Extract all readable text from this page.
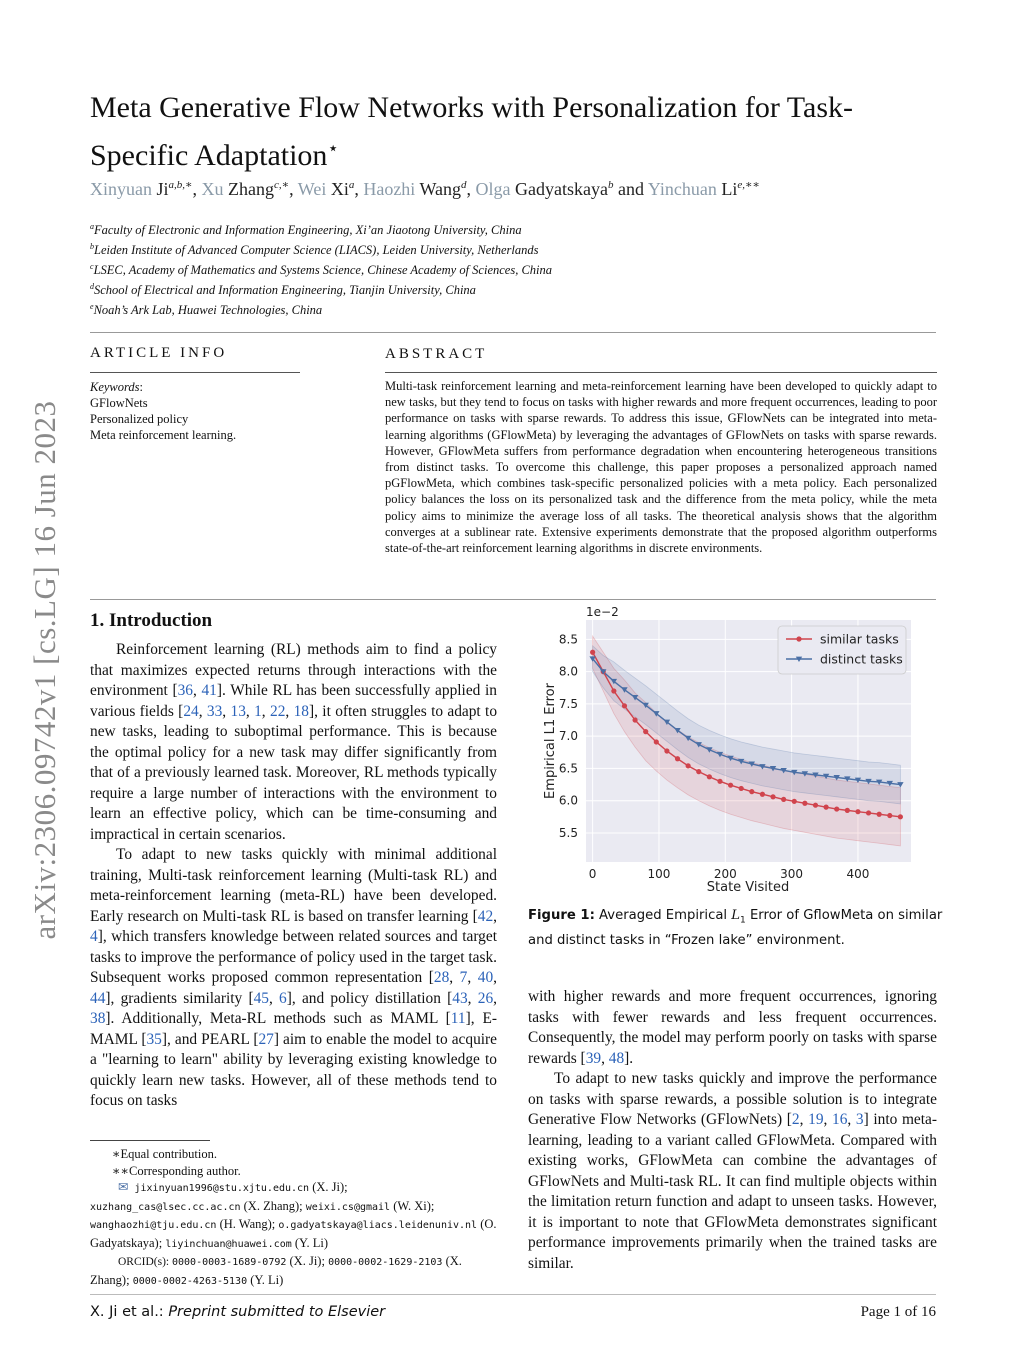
arXiv:2306.09742v1 [cs.LG] 16 Jun 2023
Meta Generative Flow Networks with Personalization for Task-Specific Adaptation⋆
Xinyuan $Ji^{a,b,∗}$, Xu Zhang$^{c,∗}$, Wei Xi$^a$, Haozhi Wang$^d$, Olga Gadyatskaya$^b$ and Yinchuan $Li^{e,∗∗}$
$^a$Faculty of Electronic and Information Engineering, Xi’an Jiaotong University, China
$^b$Leiden Institute of Advanced Computer Science (LIACS), Leiden University, Netherlands
$^c$LSEC, Academy of Mathematics and Systems Science, Chinese Academy of Sciences, China
$^d$School of Electrical and Information Engineering, Tianjin University, China
$^e$Noah’s Ark Lab, Huawei Technologies, China
ARTICLE INFO
Keywords:
GFlowNets
Personalized policy
Meta reinforcement learning.
ABSTRACT
Multi-task reinforcement learning and meta-reinforcement learning have been developed to quickly adapt to new tasks, but they tend to focus on tasks with higher rewards and more frequent occurrences, leading to poor performance on tasks with sparse rewards. To address this issue, GFlowNets can be integrated into meta-learning algorithms (GFlowMeta) by leveraging the advantages of GFlowNets on tasks with sparse rewards. However, GFlowMeta suffers from performance degradation when encountering heterogeneous transitions from distinct tasks. To overcome this challenge, this paper proposes a personalized approach named pGFlowMeta, which combines task-specific personalized policies with a meta policy. Each personalized policy balances the loss on its personalized task and the difference from the meta policy, while the meta policy aims to minimize the average loss of all tasks. The theoretical analysis shows that the algorithm converges at a sublinear rate. Extensive experiments demonstrate that the proposed algorithm outperforms state-of-the-art reinforcement learning algorithms in discrete environments.
1. Introduction

Reinforcement learning (RL) methods aim to find a policy that maximizes expected returns through interactions with the environment [36, 41]. While RL has been successfully applied in various fields [24, 33, 13, 1, 22, 18], it often struggles to adapt to new tasks, leading to suboptimal performance. This is because the optimal policy for a new task may differ significantly from that of a previously learned task. Moreover, RL methods typically require a large number of interactions with the environment to learn an effective policy, which can be time-consuming and impractical in certain scenarios.

To adapt to new tasks quickly with minimal additional training, Multi-task reinforcement learning (Multi-task RL) and meta-reinforcement learning (meta-RL) have been developed. Early research on Multi-task RL is based on transfer learning [42, 4], which transfers knowledge between related sources and target tasks to improve the performance of policy used in the target task. Subsequent works proposed common representation [28, 7, 40, 44], gradients similarity [45, 6], and policy distillation [43, 26, 38]. Additionally, Meta-RL methods such as MAML [11], E-MAML [35], and PEARL [27] aim to enable the model to acquire a "learning to learn" ability by leveraging existing knowledge to quickly learn new tasks. However, all of these methods tend to focus on tasks

0	100	200	300	400
5.5
6.0
6.5
7.0
7.5
8.0
8.5
1e−2
State Visited
Empirical L1 Error
similar tasks
distinct tasks
Figure 1: Averaged Empirical $L_1$ Error of GflowMeta on similar and distinct tasks in “Frozen lake” environment.

with higher rewards and more frequent occurrences, ignoring tasks with fewer rewards and less frequent occurrences. Consequently, the model may perform poorly on tasks with sparse rewards [39, 48].

To adapt to new tasks quickly and improve the performance on tasks with sparse rewards, a possible solution is to integrate Generative Flow Networks (GFlowNets) [2, 19, 16, 3] into meta-learning, leading to a variant called GFlowMeta. Compared with existing works, GFlowMeta can combine the advantages of GFlowNets and Multi-task RL. It can find multiple objects within the limitation return function and adapt to unseen tasks. However, it is important to note that GFlowMeta demonstrates significant performance improvements primarily when the trained tasks are similar.

∗Equal contribution.
∗∗Corresponding author.
✉ jixinyuan1996@stu.xjtu.edu.cn (X. Ji); xuzhang_cas@lsec.cc.ac.cn (X. Zhang); weixi.cs@gmail (W. Xi); wanghaozhi@tju.edu.cn (H. Wang); o.gadyatskaya@liacs.leidenuniv.nl (O. Gadyatskaya); liyinchuan@huawei.com (Y. Li)
ORCID(s): 0000-0003-1689-0792 (X. Ji); 0000-0002-1629-2103 (X. Zhang); 0000-0002-4263-5130 (Y. Li)
X. Ji et al.: Preprint submitted to Elsevier	Page 1 of 16
